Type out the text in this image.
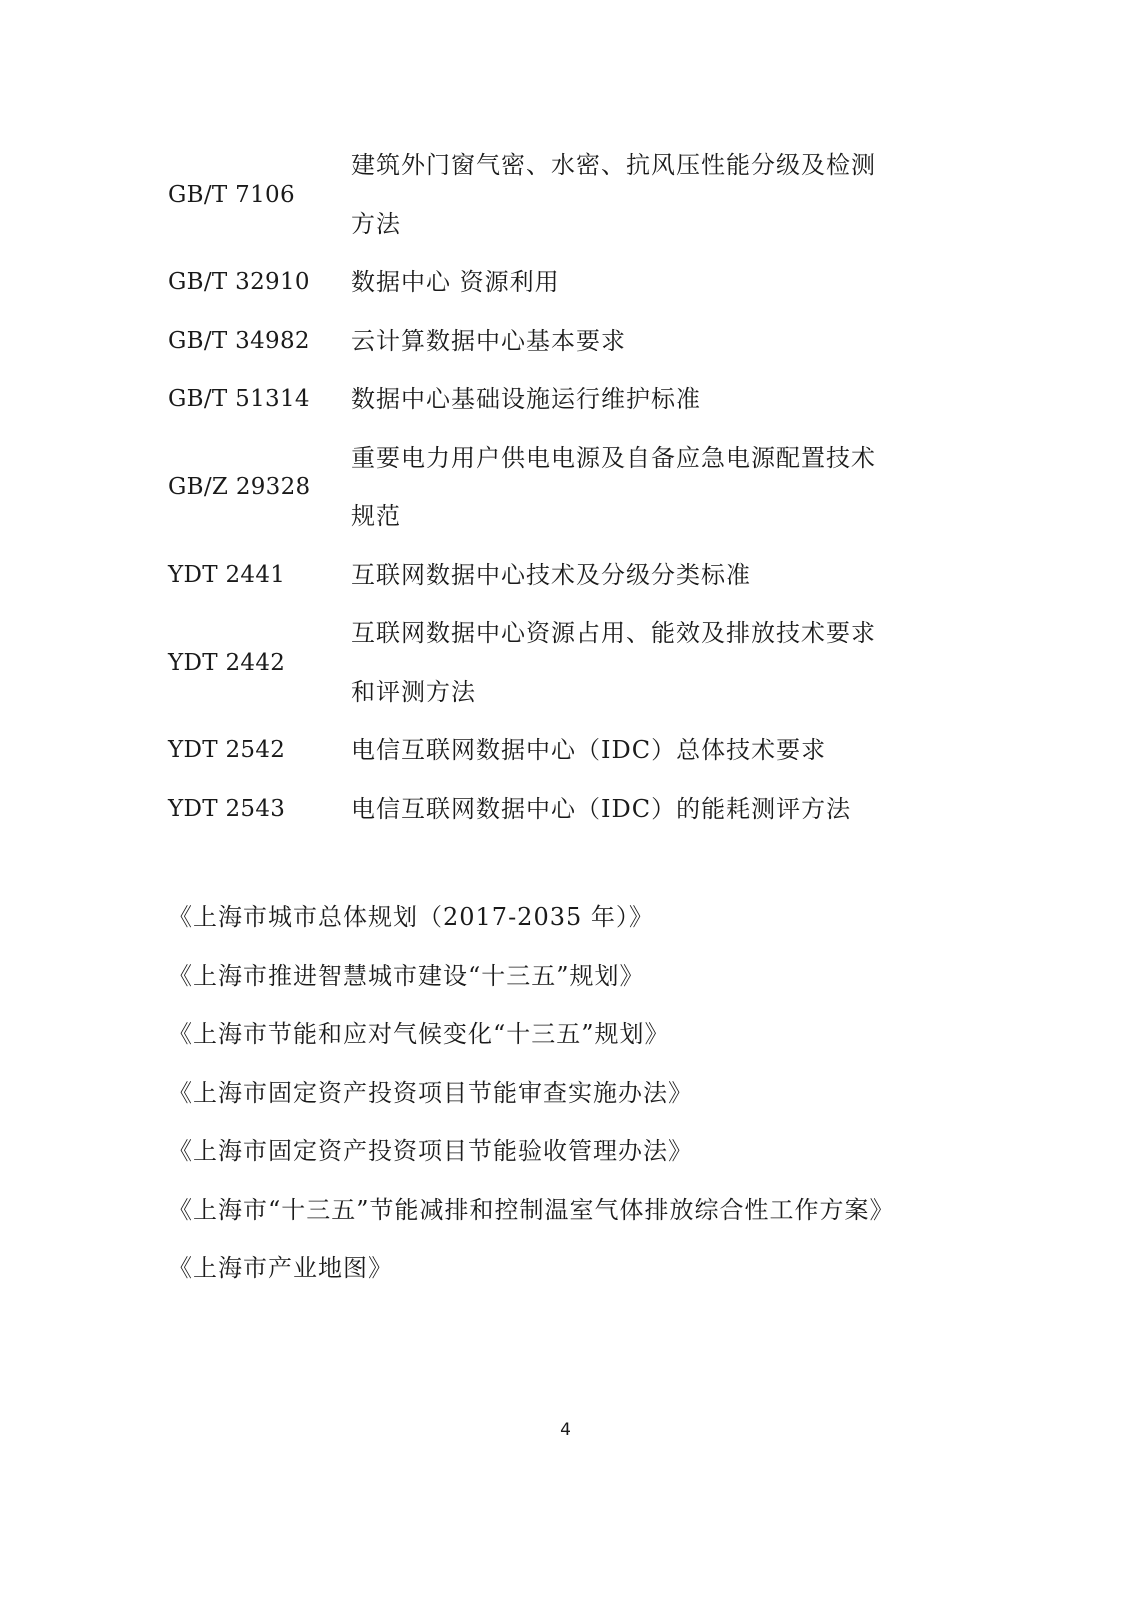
GB/T 7106	建筑外门窗气密、水密、抗风压性能分级及检测方法
GB/T 32910	数据中心 资源利用
GB/T 34982	云计算数据中心基本要求
GB/T 51314	数据中心基础设施运行维护标准
GB/Z 29328	重要电力用户供电电源及自备应急电源配置技术规范
YDT 2441	互联网数据中心技术及分级分类标准
YDT 2442	互联网数据中心资源占用、能效及排放技术要求和评测方法
YDT 2542	电信互联网数据中心（IDC）总体技术要求
YDT 2543	电信互联网数据中心（IDC）的能耗测评方法
《上海市城市总体规划（2017-2035 年）》
《上海市推进智慧城市建设“十三五”规划》
《上海市节能和应对气候变化“十三五”规划》
《上海市固定资产投资项目节能审查实施办法》
《上海市固定资产投资项目节能验收管理办法》
《上海市“十三五”节能减排和控制温室气体排放综合性工作方案》
《上海市产业地图》
4
